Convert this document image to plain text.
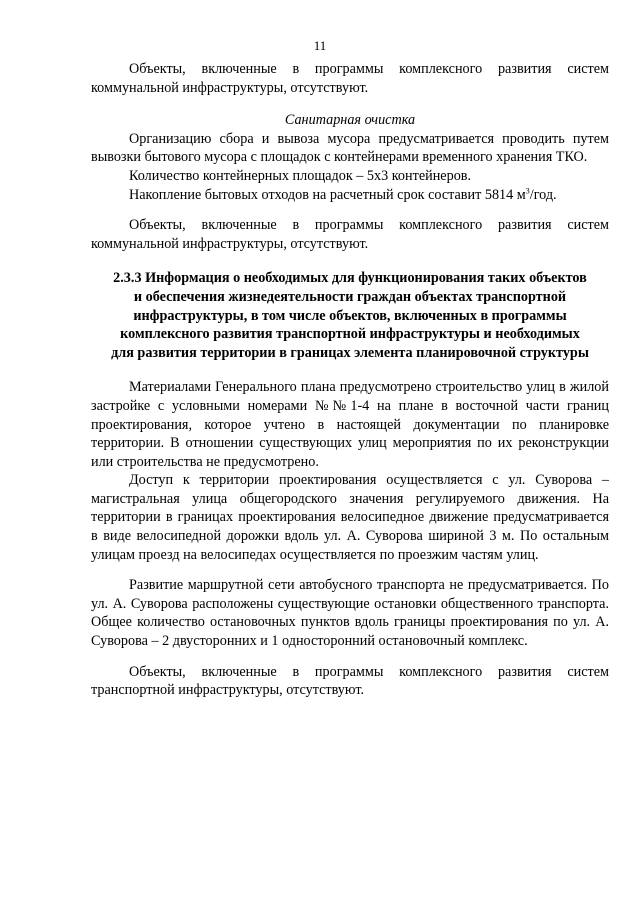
11

Объекты, включенные в программы комплексного развития систем коммунальной инфраструктуры, отсутствуют.

Санитарная очистка

Организацию сбора и вывоза мусора предусматривается проводить путем вывозки бытового мусора с площадок с контейнерами временного хранения ТКО.

Количество контейнерных площадок – 5х3 контейнеров.

Накопление бытовых отходов на расчетный срок составит 5814 $м^3$/год.

Объекты, включенные в программы комплексного развития систем коммунальной инфраструктуры, отсутствуют.

2.3.3 Информация о необходимых для функционирования таких объектов
и обеспечения жизнедеятельности граждан объектах транспортной
инфраструктуры, в том числе объектов, включенных в программы
комплексного развития транспортной инфраструктуры и необходимых
для развития территории в границах элемента планировочной структуры

Материалами Генерального плана предусмотрено строительство улиц в жилой застройке с условными номерами №№1-4 на плане в восточной части границ проектирования, которое учтено в настоящей документации по планировке территории. В отношении существующих улиц мероприятия по их реконструкции или строительства не предусмотрено.

Доступ к территории проектирования осуществляется с ул. Суворова – магистральная улица общегородского значения регулируемого движения. На территории в границах проектирования велосипедное движение предусматривается в виде велосипедной дорожки вдоль ул. А. Суворова шириной 3 м. По остальным улицам проезд на велосипедах осуществляется по проезжим частям улиц.

Развитие маршрутной сети автобусного транспорта не предусматривается. По ул. А. Суворова расположены существующие остановки общественного транспорта. Общее количество остановочных пунктов вдоль границы проектирования по ул. А. Суворова – 2 двусторонних и 1 односторонний остановочный комплекс.

Объекты, включенные в программы комплексного развития систем транспортной инфраструктуры, отсутствуют.
